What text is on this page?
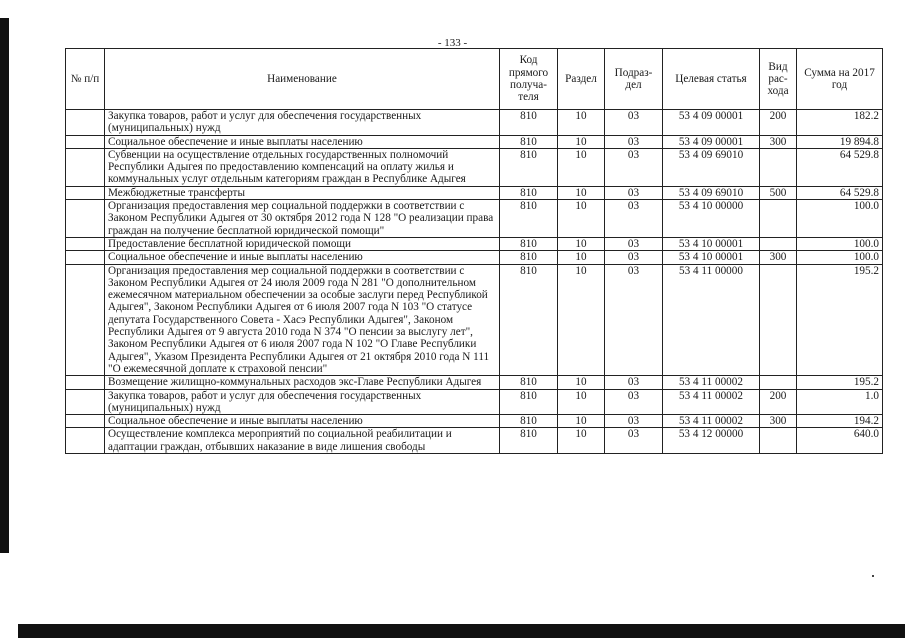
- 133 -
№ п/п	Наименование	Код прямого получа-теля	Раздел	Подраз-дел	Целевая статья	Вид рас-хода	Сумма на 2017 год
	Закупка товаров, работ и услуг для обеспечения государственных (муниципальных) нужд	810	10	03	53 4 09 00001	200	182.2
	Социальное обеспечение и иные выплаты населению	810	10	03	53 4 09 00001	300	19 894.8
	Субвенции на осуществление отдельных государственных полномочий Республики Адыгея по предоставлению компенсаций на оплату жилья и коммунальных услуг отдельным категориям граждан в Республике Адыгея	810	10	03	53 4 09 69010		64 529.8
	Межбюджетные трансферты	810	10	03	53 4 09 69010	500	64 529.8
	Организация предоставления мер социальной поддержки в соответствии с Законом Республики Адыгея от 30 октября 2012 года N 128 "О реализации права граждан на получение бесплатной юридической помощи"	810	10	03	53 4 10 00000		100.0
	Предоставление бесплатной юридической помощи	810	10	03	53 4 10 00001		100.0
	Социальное обеспечение и иные выплаты населению	810	10	03	53 4 10 00001	300	100.0
	Организация предоставления мер социальной поддержки в соответствии с Законом Республики Адыгея от 24 июля 2009 года N 281 "О дополнительном ежемесячном материальном обеспечении за особые заслуги перед Республикой Адыгея", Законом Республики Адыгея от 6 июля 2007 года N 103 "О статусе депутата Государственного Совета - Хасэ Республики Адыгея", Законом Республики Адыгея от 9 августа 2010 года N 374 "О пенсии за выслугу лет", Законом Республики Адыгея от 6 июля 2007 года N 102 "О Главе Республики Адыгея", Указом Президента Республики Адыгея от 21 октября 2010 года N 111 "О ежемесячной доплате к страховой пенсии"	810	10	03	53 4 11 00000		195.2
	Возмещение жилищно-коммунальных расходов экс-Главе Республики Адыгея	810	10	03	53 4 11 00002		195.2
	Закупка товаров, работ и услуг для обеспечения государственных (муниципальных) нужд	810	10	03	53 4 11 00002	200	1.0
	Социальное обеспечение и иные выплаты населению	810	10	03	53 4 11 00002	300	194.2
	Осуществление комплекса мероприятий по социальной реабилитации и адаптации граждан, отбывших наказание в виде лишения свободы	810	10	03	53 4 12 00000		640.0
